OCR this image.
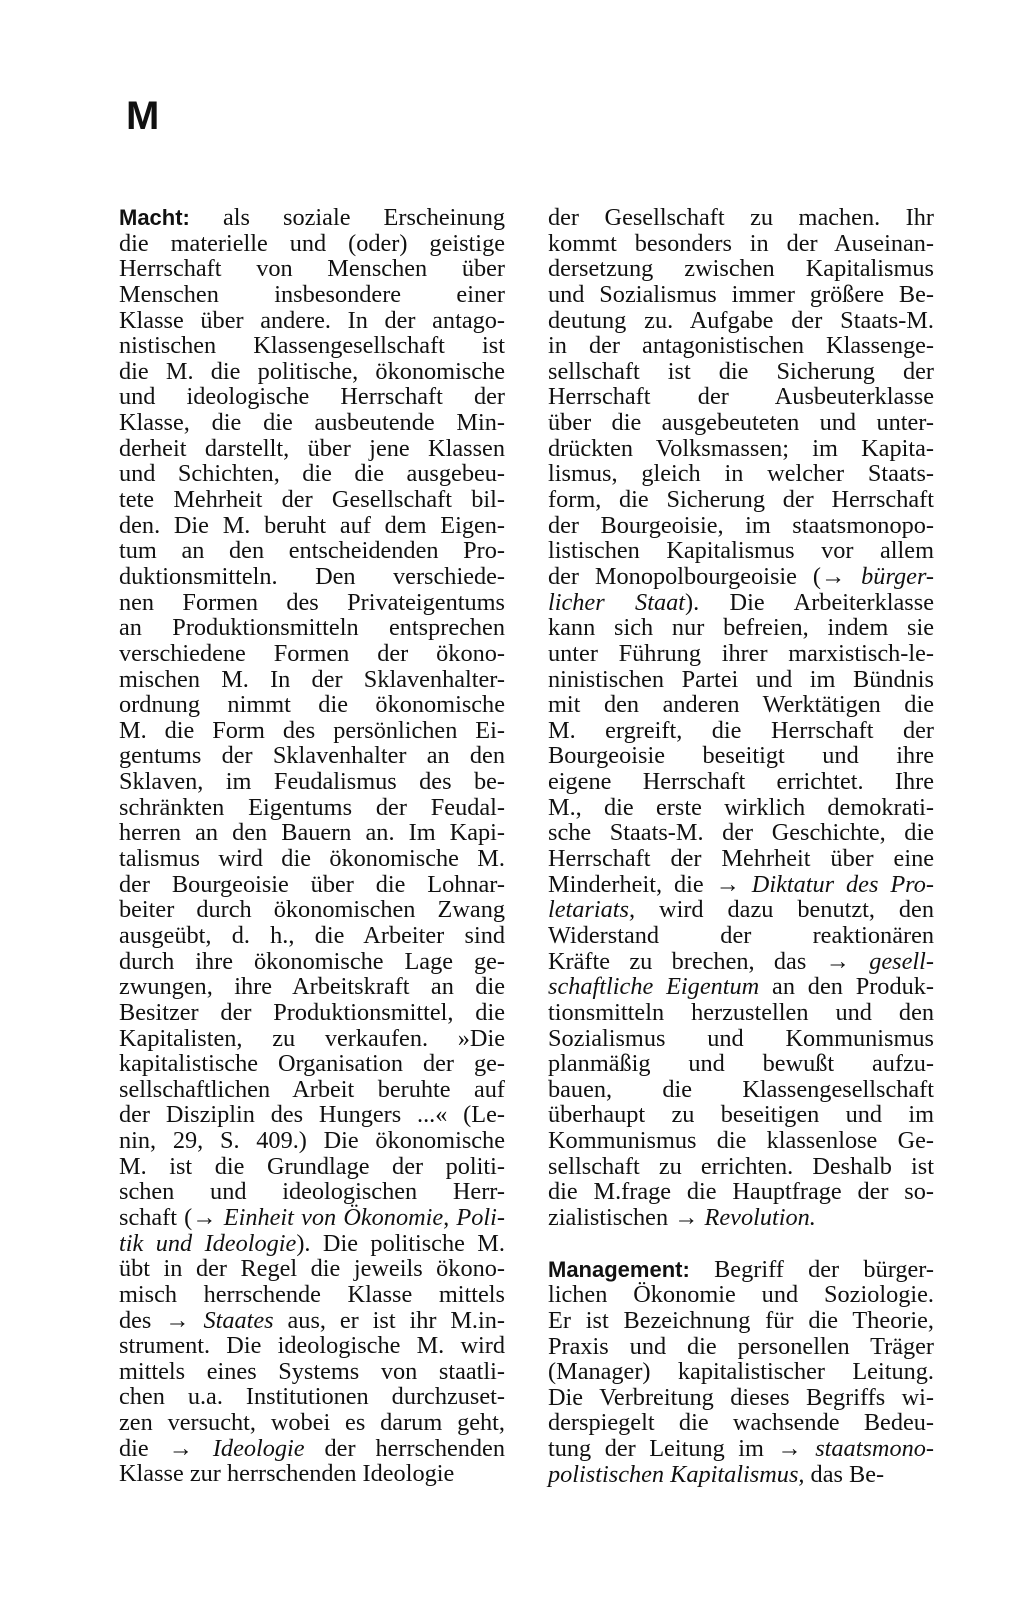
M
Macht: als soziale Erscheinung
die materielle und (oder) geistige
Herrschaft von Menschen über
Menschen insbesondere einer
Klasse über andere. In der antago-
nistischen Klassengesellschaft ist
die M. die politische, ökonomische
und ideologische Herrschaft der
Klasse, die die ausbeutende Min-
derheit darstellt, über jene Klassen
und Schichten, die die ausgebeu-
tete Mehrheit der Gesellschaft bil-
den. Die M. beruht auf dem Eigen-
tum an den entscheidenden Pro-
duktionsmitteln. Den verschiede-
nen Formen des Privateigentums
an Produktionsmitteln entsprechen
verschiedene Formen der ökono-
mischen M. In der Sklavenhalter-
ordnung nimmt die ökonomische
M. die Form des persönlichen Ei-
gentums der Sklavenhalter an den
Sklaven, im Feudalismus des be-
schränkten Eigentums der Feudal-
herren an den Bauern an. Im Kapi-
talismus wird die ökonomische M.
der Bourgeoisie über die Lohnar-
beiter durch ökonomischen Zwang
ausgeübt, d. h., die Arbeiter sind
durch ihre ökonomische Lage ge-
zwungen, ihre Arbeitskraft an die
Besitzer der Produktionsmittel, die
Kapitalisten, zu verkaufen. »Die
kapitalistische Organisation der ge-
sellschaftlichen Arbeit beruhte auf
der Disziplin des Hungers ...« (Le-
nin, 29, S. 409.) Die ökonomische
M. ist die Grundlage der politi-
schen und ideologischen Herr-
schaft (→ Einheit von Ökonomie, Poli-
tik und Ideologie). Die politische M.
übt in der Regel die jeweils ökono-
misch herrschende Klasse mittels
des → Staates aus, er ist ihr M.in-
strument. Die ideologische M. wird
mittels eines Systems von staatli-
chen u.a. Institutionen durchzuset-
zen versucht, wobei es darum geht,
die → Ideologie der herrschenden
Klasse zur herrschenden Ideologie
der Gesellschaft zu machen. Ihr
kommt besonders in der Auseinan-
dersetzung zwischen Kapitalismus
und Sozialismus immer größere Be-
deutung zu. Aufgabe der Staats-M.
in der antagonistischen Klassenge-
sellschaft ist die Sicherung der
Herrschaft der Ausbeuterklasse
über die ausgebeuteten und unter-
drückten Volksmassen; im Kapita-
lismus, gleich in welcher Staats-
form, die Sicherung der Herrschaft
der Bourgeoisie, im staatsmonopo-
listischen Kapitalismus vor allem
der Monopolbourgeoisie (→ bürger-
licher Staat). Die Arbeiterklasse
kann sich nur befreien, indem sie
unter Führung ihrer marxistisch-le-
ninistischen Partei und im Bündnis
mit den anderen Werktätigen die
M. ergreift, die Herrschaft der
Bourgeoisie beseitigt und ihre
eigene Herrschaft errichtet. Ihre
M., die erste wirklich demokrati-
sche Staats-M. der Geschichte, die
Herrschaft der Mehrheit über eine
Minderheit, die → Diktatur des Pro-
letariats, wird dazu benutzt, den
Widerstand der reaktionären
Kräfte zu brechen, das → gesell-
schaftliche Eigentum an den Produk-
tionsmitteln herzustellen und den
Sozialismus und Kommunismus
planmäßig und bewußt aufzu-
bauen, die Klassengesellschaft
überhaupt zu beseitigen und im
Kommunismus die klassenlose Ge-
sellschaft zu errichten. Deshalb ist
die M.frage die Hauptfrage der so-
zialistischen → Revolution.
Management: Begriff der bürger-
lichen Ökonomie und Soziologie.
Er ist Bezeichnung für die Theorie,
Praxis und die personellen Träger
(Manager) kapitalistischer Leitung.
Die Verbreitung dieses Begriffs wi-
derspiegelt die wachsende Bedeu-
tung der Leitung im → staatsmono-
polistischen Kapitalismus, das Be-
